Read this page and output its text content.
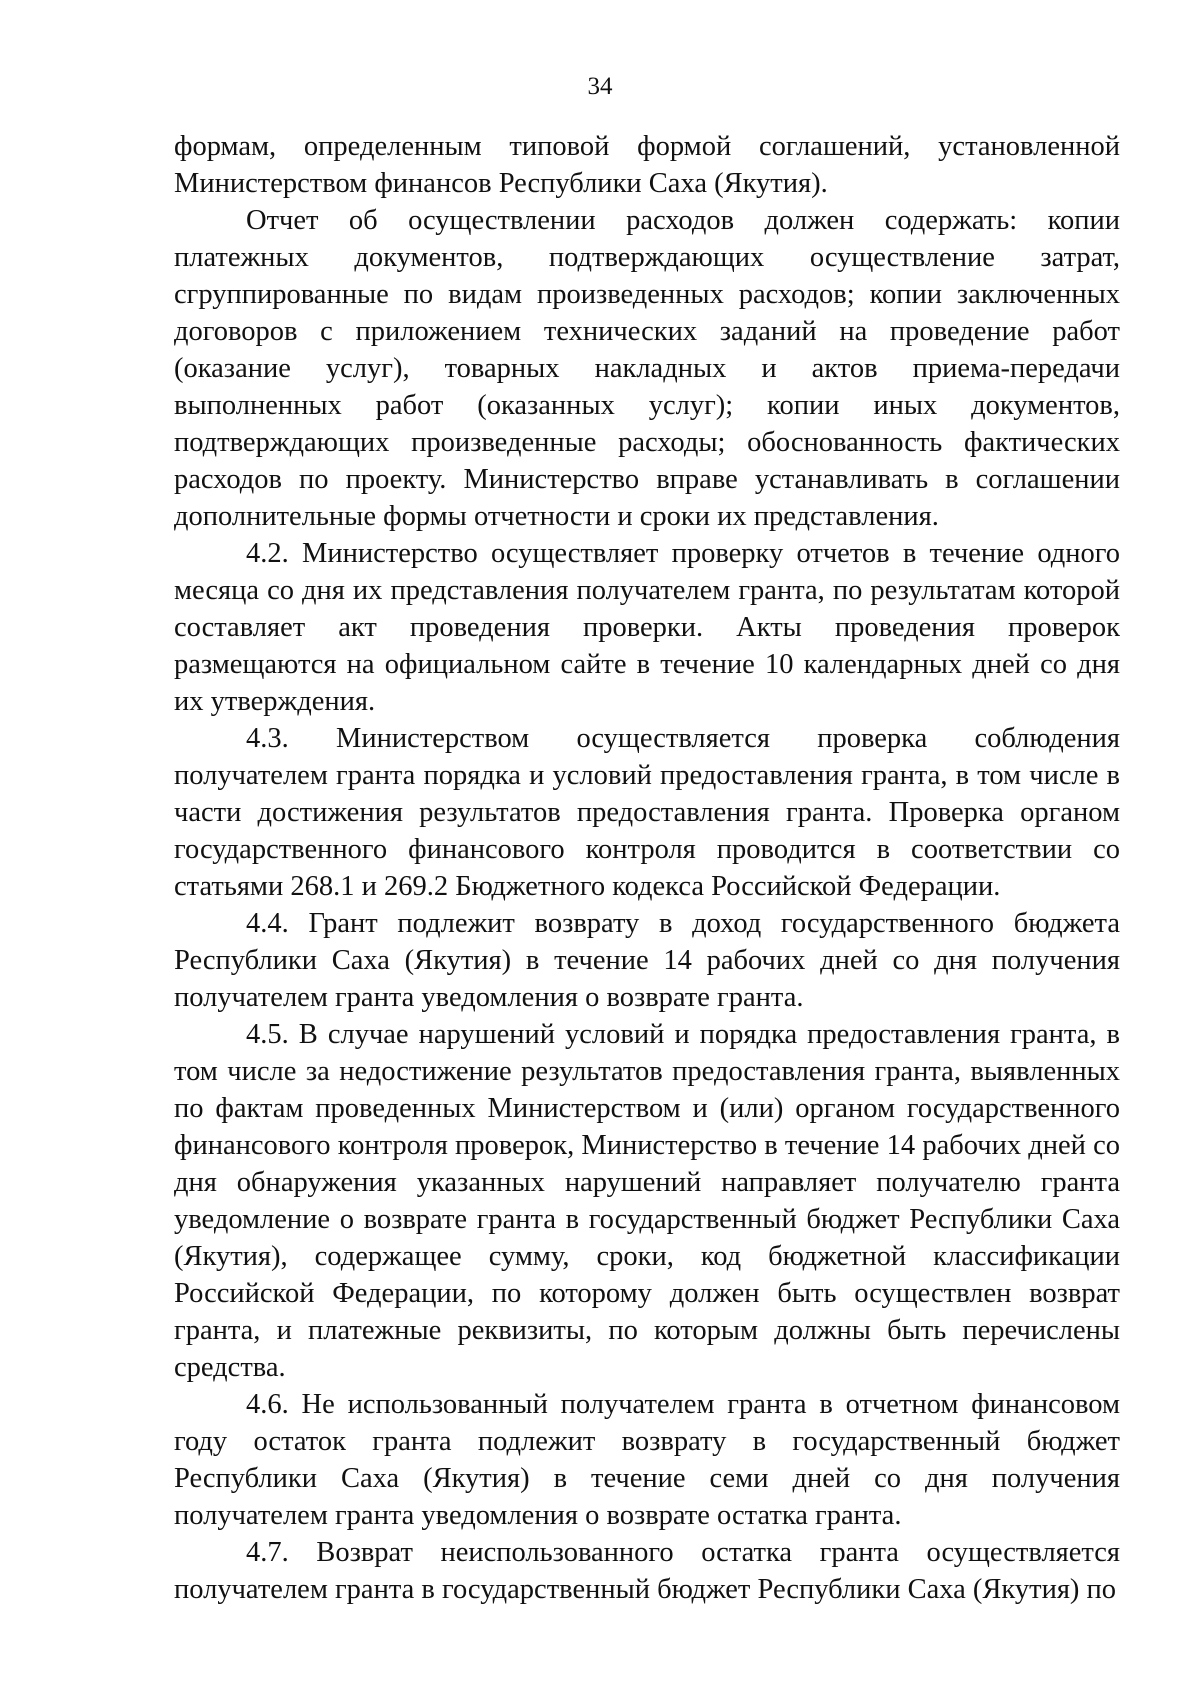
34

формам, определенным типовой формой соглашений, установленной Министерством финансов Республики Саха (Якутия).

Отчет об осуществлении расходов должен содержать: копии платежных документов, подтверждающих осуществление затрат, сгруппированные по видам произведенных расходов; копии заключенных договоров с приложением технических заданий на проведение работ (оказание услуг), товарных накладных и актов приема-передачи выполненных работ (оказанных услуг); копии иных документов, подтверждающих произведенные расходы; обоснованность фактических расходов по проекту. Министерство вправе устанавливать в соглашении дополнительные формы отчетности и сроки их представления.

4.2. Министерство осуществляет проверку отчетов в течение одного месяца со дня их представления получателем гранта, по результатам которой составляет акт проведения проверки. Акты проведения проверок размещаются на официальном сайте в течение 10 календарных дней со дня их утверждения.

4.3. Министерством осуществляется проверка соблюдения получателем гранта порядка и условий предоставления гранта, в том числе в части достижения результатов предоставления гранта. Проверка органом государственного финансового контроля проводится в соответствии со статьями 268.1 и 269.2 Бюджетного кодекса Российской Федерации.

4.4. Грант подлежит возврату в доход государственного бюджета Республики Саха (Якутия) в течение 14 рабочих дней со дня получения получателем гранта уведомления о возврате гранта.

4.5. В случае нарушений условий и порядка предоставления гранта, в том числе за недостижение результатов предоставления гранта, выявленных по фактам проведенных Министерством и (или) органом государственного финансового контроля проверок, Министерство в течение 14 рабочих дней со дня обнаружения указанных нарушений направляет получателю гранта уведомление о возврате гранта в государственный бюджет Республики Саха (Якутия), содержащее сумму, сроки, код бюджетной классификации Российской Федерации, по которому должен быть осуществлен возврат гранта, и платежные реквизиты, по которым должны быть перечислены средства.

4.6. Не использованный получателем гранта в отчетном финансовом году остаток гранта подлежит возврату в государственный бюджет Республики Саха (Якутия) в течение семи дней со дня получения получателем гранта уведомления о возврате остатка гранта.

4.7. Возврат неиспользованного остатка гранта осуществляется получателем гранта в государственный бюджет Республики Саха (Якутия) по
